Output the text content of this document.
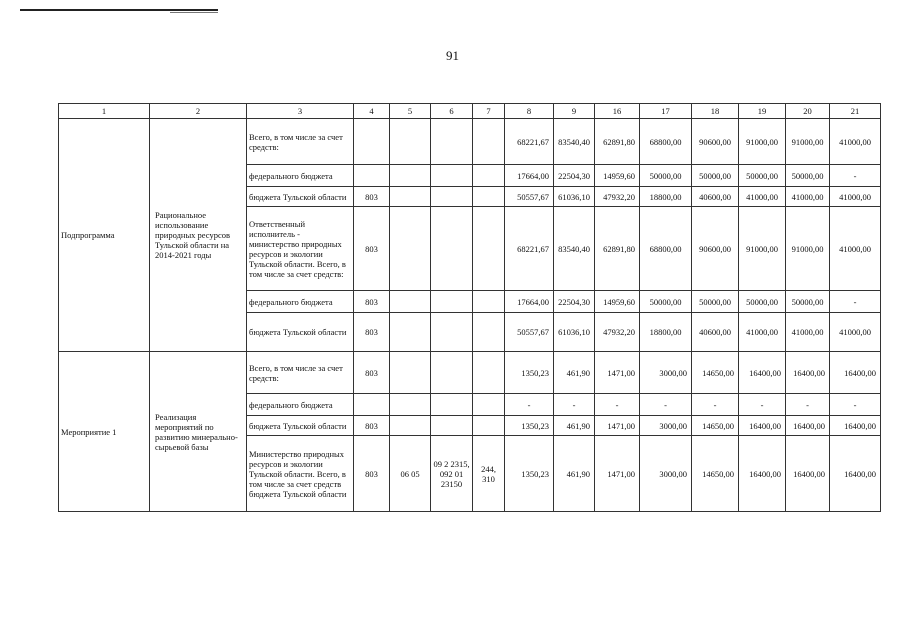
91
1	2	3	4	5	6	7	8	9	16	17	18	19	20	21
Подпрограмма	Рациональное использование природных ресурсов Тульской области на 2014-2021 годы	Всего, в том числе за счет средств:					68221,67	83540,40	62891,80	68800,00	90600,00	91000,00	91000,00	41000,00
		федерального бюджета					17664,00	22504,30	14959,60	50000,00	50000,00	50000,00	50000,00	-
		бюджета Тульской области	803				50557,67	61036,10	47932,20	18800,00	40600,00	41000,00	41000,00	41000,00
		Ответственный исполнитель - министерство природных ресурсов и экологии Тульской области. Всего, в том числе за счет средств:	803				68221,67	83540,40	62891,80	68800,00	90600,00	91000,00	91000,00	41000,00
		федерального бюджета	803				17664,00	22504,30	14959,60	50000,00	50000,00	50000,00	50000,00	-
		бюджета Тульской области	803				50557,67	61036,10	47932,20	18800,00	40600,00	41000,00	41000,00	41000,00
Мероприятие 1	Реализация мероприятий по развитию минерально-сырьевой базы	Всего, в том числе за счет средств:	803				1350,23	461,90	1471,00	3000,00	14650,00	16400,00	16400,00	16400,00
		федерального бюджета					-	-	-	-	-	-	-	-
		бюджета Тульской области	803				1350,23	461,90	1471,00	3000,00	14650,00	16400,00	16400,00	16400,00
		Министерство природных ресурсов и экологии Тульской области. Всего, в том числе за счет средств бюджета Тульской области	803	06 05	09 2 2315, 092 01 23150	244, 310	1350,23	461,90	1471,00	3000,00	14650,00	16400,00	16400,00	16400,00
